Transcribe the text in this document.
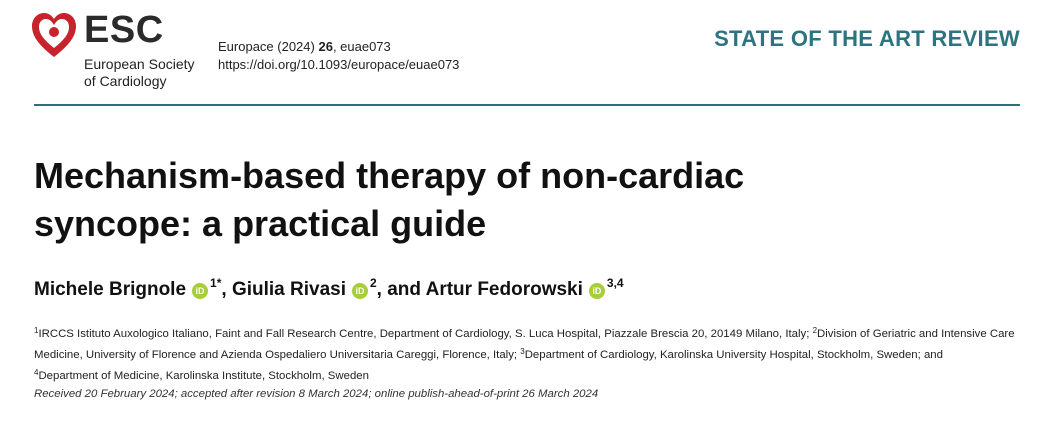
ESC
European Society
of Cardiology
Europace (2024) 26, euae073
https://doi.org/10.1093/europace/euae073
STATE OF THE ART REVIEW
Mechanism-based therapy of non-cardiac
syncope: a practical guide
Michele Brignole $iD^{1*}$, Giulia Rivasi $iD^2$, and Artur Fedorowski iD$^{3,4}$
$^1$IRCCS Istituto Auxologico Italiano, Faint and Fall Research Centre, Department of Cardiology, S. Luca Hospital, Piazzale Brescia 20, 20149 Milano, Italy; $^2$Division of Geriatric and Intensive Care Medicine, University of Florence and Azienda Ospedaliero Universitaria Careggi, Florence, Italy; $^3$Department of Cardiology, Karolinska University Hospital, Stockholm, Sweden; and
$^4$Department of Medicine, Karolinska Institute, Stockholm, Sweden
Received 20 February 2024; accepted after revision 8 March 2024; online publish-ahead-of-print 26 March 2024
